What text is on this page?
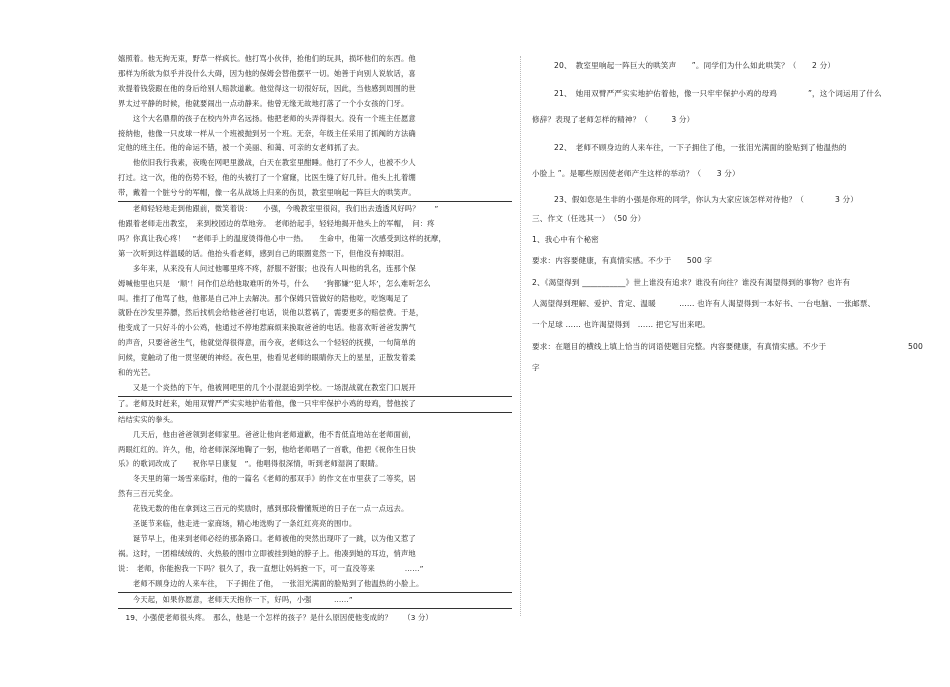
嬉照着。他无拘无束，野草一样疯长。他打骂小伙伴，抢他们的玩具，损坏他们的东西。他

那样为所欲为似乎并没什么大碍，因为他的保姆会替他摆平一切。她善于向别人说软话，喜

欢提着钱袋跟在他的身后给别人赔款道歉。他觉得这一切很好玩，因此，当他感到周围的世

界太过平静的时候，他就要闹出一点动静来。他曾无缘无故地打落了一个小女孩的门牙。

　　这个大名鼎鼎的孩子在校内外声名远扬。他把老师的头弄得很大。没有一个班主任愿意

接纳他，他像一只皮球一样从一个班被抛到另一个班。无奈，年级主任采用了抓阄的方法确

定他的班主任。他的命运不错，被一个美丽、和蔼、可亲的女老师抓了去。

　　他依旧我行我素，夜晚在网吧里激战，白天在教室里酣睡。他打了不少人，也被不少人

打过。这一次，他的伤势不轻，他的头被打了一个窟窿，比医生缝了好几针。他头上扎着绷

带，戴着一个脏兮兮的军帽，像一名从战场上归来的伤员，教室里响起一阵巨大的哄笑声。

　　老师轻轻地走到他跟前，微笑着说：　　小强，今晚教室里很闷，我们出去透透风好吗？　　”

他跟着老师走出教室，　来到校园边的草地旁。　老师抬起手，轻轻地揭开他头上的军帽，　问：疼

吗？你真让我心疼！　”老师手上的温度烫得他心中一热。　　生命中，他第一次感受到这样的抚摩，

第一次听到这样温暖的话。他抬头看老师，感到自己的眼圈竟然一下，但他没有掉眼泪。

　　多年来，从来没有人问过他哪里疼不疼，舒服不舒服；也没有人叫他的乳名，连那个保

姆喊他里也只是　‘顺’！问作们总给他取难听的外号，什么　　‘狗都嫌’‘犯人坏’，怎么难听怎么

叫。推打了他骂了他，他都是自己冲上去解决。那个保姆只管做好的陪他吃，吃饱喝足了

就卧在沙发里养膘，然后找机会给他爸爸打电话，说他以惹祸了，需要更多的赔偿费。于是，

他变成了一只好斗的小公鸡，他通过不停地惹麻烦来换取爸爸的电话。他喜欢听爸爸发脾气

的声音，只要爸爸生气，他就觉得很得意，而今夜，老师这么一个轻轻的抚摸，一句简单的

问候，竟触动了他一贯坚硬的神经。夜色里，他看见老师的眼睛你天上的星星，正散发着柔

和的光芒。

　　又是一个炎热的下午，他被网吧里的几个小混混追到学校。一场混战就在教室门口展开

了。老师及时赶来，她用双臂严严实实地护佑着他，像一只牢牢保护小鸡的母鸡，替他挨了

结结实实的拳头。

　　几天后，他由爸爸领到老师家里。爸爸让他向老师道歉，他不肯低直地站在老师面前，

两眼红红的。许久，他，给老师深深地鞠了一躬，他给老师唱了一首歌，他把《祝你生日快

乐》的歌词改成了　　祝你早日康复　”。他唱得很深情，听到老师湿润了眼睛。

　　冬天里的第一场雪来临时，他的一篇名《老师的那双手》的作文在市里获了二等奖，居

然有三百元奖金。

　　花钱无数的他在拿到这三百元的奖励时，感到那段懵懂叛逆的日子在一点一点远去。

　　圣诞节来临，他走进一家商场，精心地选购了一条红红亮亮的围巾。

　　诞节早上，他来到老师必经的那条路口。老师被他的突然出现吓了一跳，以为他又惹了

祸。这时，一团棉绒绒的、火热般的围巾立即被挂到她的脖子上。他凑到她的耳边，悄声地

说：　老师，你能抱我一下吗？很久了，我一直想让妈妈抱一下，可一直没等来　　　　……”

　　老师不顾身边的人来车往，　下子拥住了他，　一张泪光满面的脸贴到了他温热的小脸上。

　　今天起，如果你愿意，老师天天抱你一下，好吗，小强　　　……”

　19、小强使老师很头疼。　那么，他是一个怎样的孩子？是什么原因使他变成的？　　（3 分）

20、　教室里响起一阵巨大的哄笑声　　”。同学们为什么如此哄笑？（　　2 分）

21、　她用双臂严严实实地护佑着他，像一只牢牢保护小鸡的母鸡　　　　”，这个词运用了什么

修辞？表现了老师怎样的精神？（　　　3 分）

22、　老师不顾身边的人来车往，一下子拥住了他，一张泪光满面的脸贴到了他温热的

小脸上 ”。是哪些原因使老师产生这样的举动？（　　3 分）

23、假如您是生非的小强是你班的同学，你认为大家应该怎样对待他？（　　　　3 分）

三、作文（任选其一）　（50 分）

1、我心中有个秘密

要求：内容要健康，有真情实感。不少于　　500 字

2、《渴望得到 ___________》世上谁没有追求？谁没有向往？谁没有渴望得到的事物？也许有

人渴望得到理解、爱护、肯定、温暖　　　…… 也许有人渴望得到一本好书、一台电脑、一张邮票、

一个足球 …… 也许渴望得到　…… 把它写出来吧。

要求：在题目的横线上填上恰当的词语使题目完整。内容要健康，有真情实感。不少于	500

字
